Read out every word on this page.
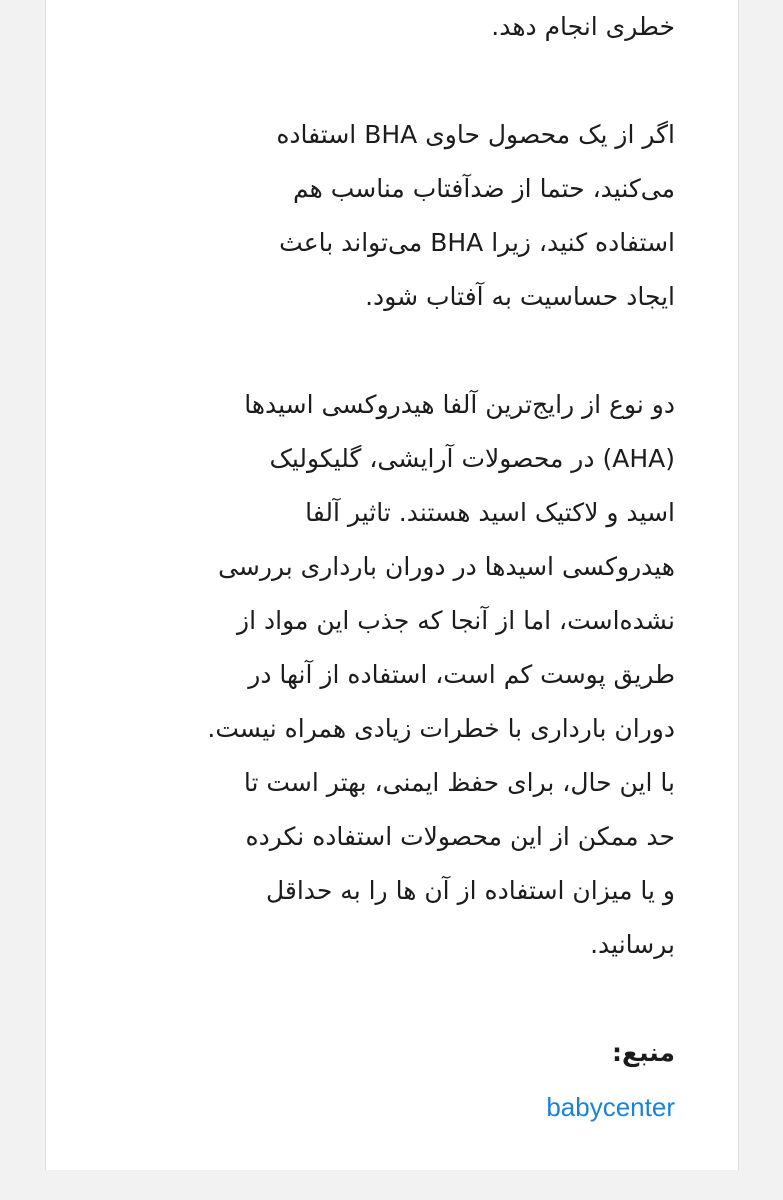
خطری انجام دهد.

اگر از یک محصول حاوی BHA استفاده
می‌کنید، حتما از ضدآفتاب مناسب هم
استفاده کنید، زیرا BHA می‌تواند باعث
ایجاد حساسیت به آفتاب شود.

دو نوع از رایج‌ترین آلفا هیدروکسی اسیدها
(AHA) در محصولات آرایشی، گلیکولیک
اسید و لاکتیک اسید هستند. تاثیر آلفا
هیدروکسی اسیدها در دوران بارداری بررسی
نشده‌است، اما از آنجا که جذب این مواد از
طریق پوست کم است، استفاده از آنها در
دوران بارداری با خطرات زیادی همراه نیست.
با این حال، برای حفظ ایمنی، بهتر است تا
حد ممکن از این محصولات استفاده نکرده
و یا میزان استفاده از آن ها را به حداقل
برسانید.

منبع:
babycenter
